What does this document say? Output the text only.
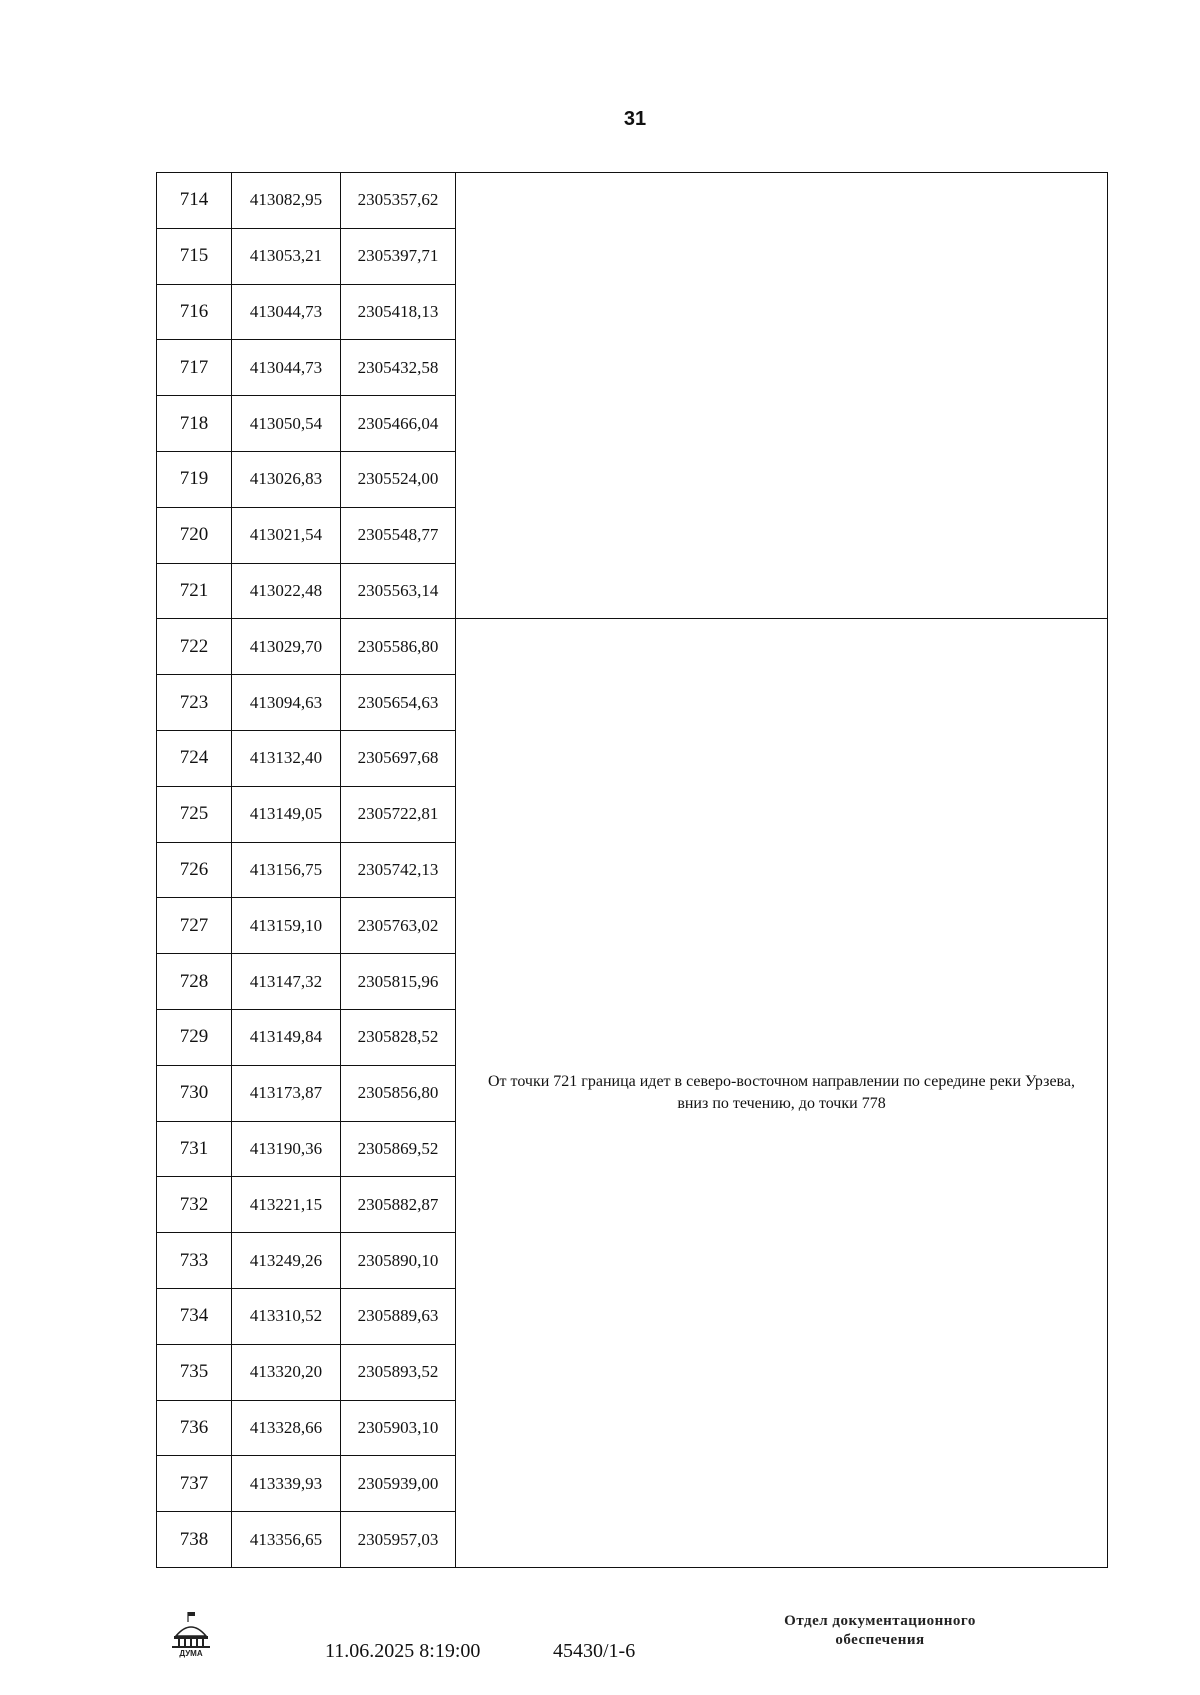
31
714	413082,95	2305357,62	
715	413053,21	2305397,71	
716	413044,73	2305418,13	
717	413044,73	2305432,58	
718	413050,54	2305466,04	
719	413026,83	2305524,00	
720	413021,54	2305548,77	
721	413022,48	2305563,14	
722	413029,70	2305586,80	От точки 721 граница идет в северо-восточном направлении по середине реки Урзева, вниз по течению, до точки 778
723	413094,63	2305654,63	
724	413132,40	2305697,68	
725	413149,05	2305722,81	
726	413156,75	2305742,13	
727	413159,10	2305763,02	
728	413147,32	2305815,96	
729	413149,84	2305828,52	
730	413173,87	2305856,80	
731	413190,36	2305869,52	
732	413221,15	2305882,87	
733	413249,26	2305890,10	
734	413310,52	2305889,63	
735	413320,20	2305893,52	
736	413328,66	2305903,10	
737	413339,93	2305939,00	
738	413356,65	2305957,03	
ДУМА	11.06.2025 8:19:00	45430/1-6
Отдел документационного
обеспечения
